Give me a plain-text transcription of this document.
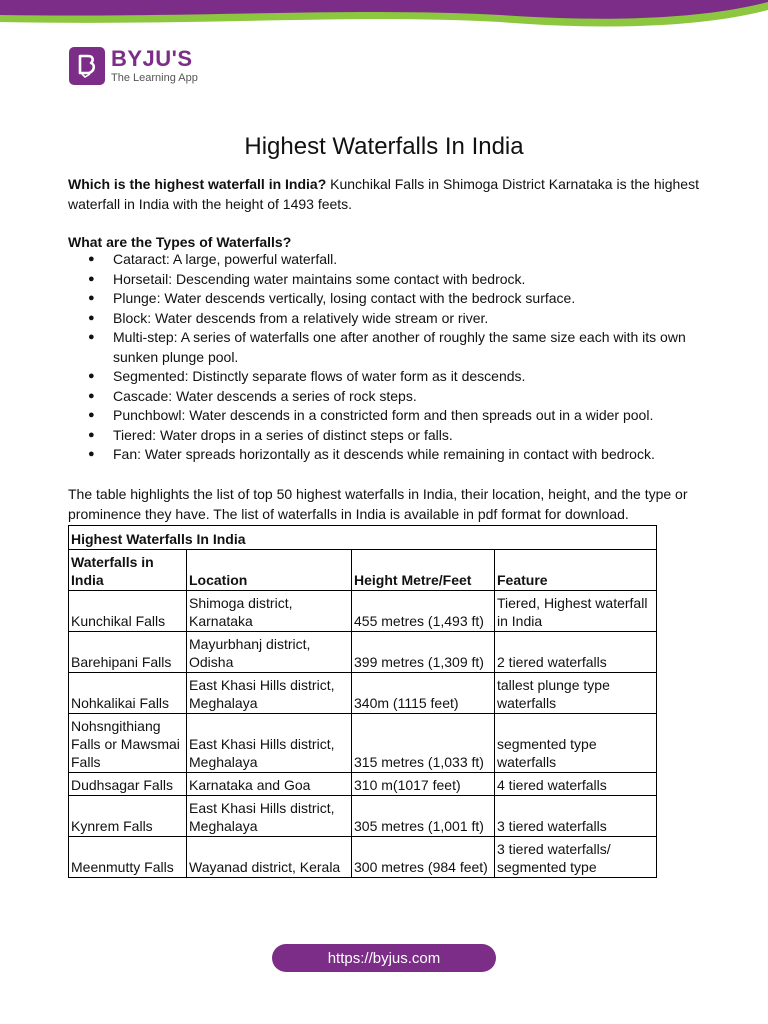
BYJU'S
The Learning App
Highest Waterfalls In India

Which is the highest waterfall in India? Kunchikal Falls in Shimoga District Karnataka is the highest waterfall in India with the height of 1493 feets.

What are the Types of Waterfalls?

● Cataract: A large, powerful waterfall.
● Horsetail: Descending water maintains some contact with bedrock.
● Plunge: Water descends vertically, losing contact with the bedrock surface.
● Block: Water descends from a relatively wide stream or river.
● Multi-step: A series of waterfalls one after another of roughly the same size each with its own sunken plunge pool.
● Segmented: Distinctly separate flows of water form as it descends.
● Cascade: Water descends a series of rock steps.
● Punchbowl: Water descends in a constricted form and then spreads out in a wider pool.
● Tiered: Water drops in a series of distinct steps or falls.
● Fan: Water spreads horizontally as it descends while remaining in contact with bedrock.

The table highlights the list of top 50 highest waterfalls in India, their location, height, and the type or prominence they have. The list of waterfalls in India is available in pdf format for download.

Highest Waterfalls In India			
Waterfalls in India	Location	Height Metre/Feet	Feature
Kunchikal Falls	Shimoga district, Karnataka	455 metres (1,493 ft)	Tiered, Highest waterfall in India
Barehipani Falls	Mayurbhanj district, Odisha	399 metres (1,309 ft)	2 tiered waterfalls
Nohkalikai Falls	East Khasi Hills district, Meghalaya	340m (1115 feet)	tallest plunge type waterfalls
Nohsngithiang Falls or Mawsmai Falls	East Khasi Hills district, Meghalaya	315 metres (1,033 ft)	segmented type waterfalls
Dudhsagar Falls	Karnataka and Goa	310 m(1017 feet)	4 tiered waterfalls
Kynrem Falls	East Khasi Hills district, Meghalaya	305 metres (1,001 ft)	3 tiered waterfalls
Meenmutty Falls	Wayanad district, Kerala	300 metres (984 feet)	3 tiered waterfalls/ segmented type
https://byjus.com
